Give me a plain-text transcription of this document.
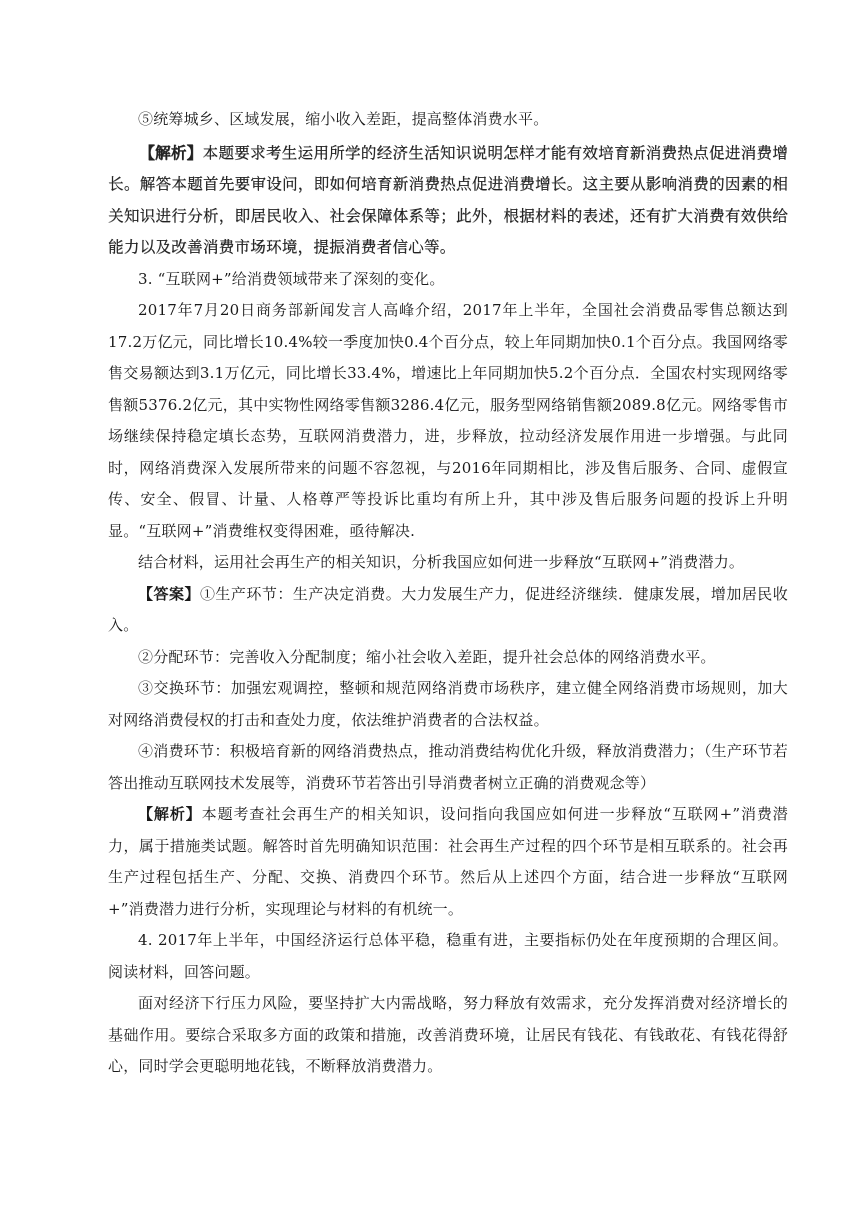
⑤统筹城乡、区域发展，缩小收入差距，提高整体消费水平。

【解析】本题要求考生运用所学的经济生活知识说明怎样才能有效培育新消费热点促进消费增长。解答本题首先要审设问，即如何培育新消费热点促进消费增长。这主要从影响消费的因素的相关知识进行分析，即居民收入、社会保障体系等；此外，根据材料的表述，还有扩大消费有效供给能力以及改善消费市场环境，提振消费者信心等。

3. “互联网+”给消费领域带来了深刻的变化。

2017年7月20日商务部新闻发言人高峰介绍，2017年上半年，全国社会消费品零售总额达到17.2万亿元，同比增长10.4%较一季度加快0.4个百分点，较上年同期加快0.1个百分点。我国网络零售交易额达到3.1万亿元，同比增长33.4%，增速比上年同期加快5.2个百分点．全国农村实现网络零售额5376.2亿元，其中实物性网络零售额3286.4亿元，服务型网络销售额2089.8亿元。网络零售市场继续保持稳定填长态势，互联网消费潜力，进，步释放，拉动经济发展作用进一步增强。与此同时，网络消费深入发展所带来的问题不容忽视，与2016年同期相比，涉及售后服务、合同、虚假宣传、安全、假冒、计量、人格尊严等投诉比重均有所上升，其中涉及售后服务问题的投诉上升明显。“互联网+”消费维权变得困难，亟待解决.

结合材料，运用社会再生产的相关知识，分析我国应如何进一步释放“互联网+”消费潜力。

【答案】①生产环节：生产决定消费。大力发展生产力，促进经济继续．健康发展，增加居民收入。

②分配环节：完善收入分配制度；缩小社会收入差距，提升社会总体的网络消费水平。

③交换环节：加强宏观调控，整顿和规范网络消费市场秩序，建立健全网络消费市场规则，加大对网络消费侵权的打击和查处力度，依法维护消费者的合法权益。

④消费环节：积极培育新的网络消费热点，推动消费结构优化升级，释放消费潜力；（生产环节若答出推动互联网技术发展等，消费环节若答出引导消费者树立正确的消费观念等）

【解析】本题考查社会再生产的相关知识，设问指向我国应如何进一步释放“互联网+”消费潜力，属于措施类试题。解答时首先明确知识范围：社会再生产过程的四个环节是相互联系的。社会再生产过程包括生产、分配、交换、消费四个环节。然后从上述四个方面，结合进一步释放“互联网+”消费潜力进行分析，实现理论与材料的有机统一。

4. 2017年上半年，中国经济运行总体平稳，稳重有进，主要指标仍处在年度预期的合理区间。阅读材料，回答问题。

面对经济下行压力风险，要坚持扩大内需战略，努力释放有效需求，充分发挥消费对经济增长的基础作用。要综合采取多方面的政策和措施，改善消费环境，让居民有钱花、有钱敢花、有钱花得舒心，同时学会更聪明地花钱，不断释放消费潜力。
